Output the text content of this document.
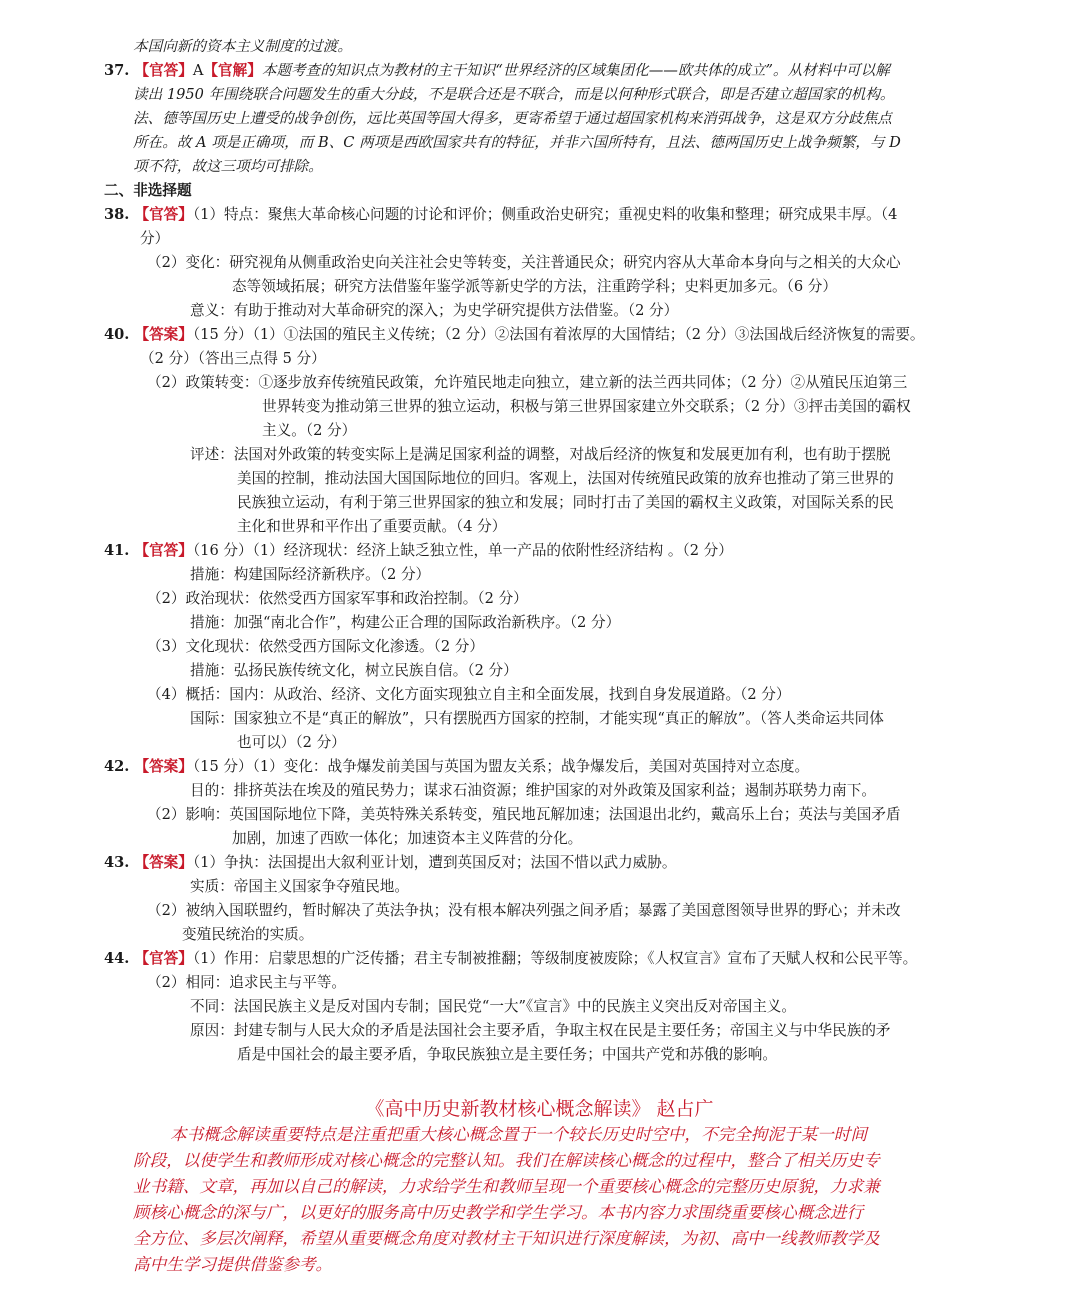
本国向新的资本主义制度的过渡。
37. 【官答】A【官解】本题考查的知识点为教材的主干知识“世界经济的区域集团化——欧共体的成立”。从材料中可以解
读出 1950 年围绕联合问题发生的重大分歧，不是联合还是不联合，而是以何种形式联合，即是否建立超国家的机构。
法、德等国历史上遭受的战争创伤，远比英国等国大得多，更寄希望于通过超国家机构来消弭战争，这是双方分歧焦点
所在。故 A 项是正确项，而 B、C 两项是西欧国家共有的特征，并非六国所特有，且法、德两国历史上战争频繁，与 D
项不符，故这三项均可排除。
二、非选择题
38. 【官答】（1）特点：聚焦大革命核心问题的讨论和评价；侧重政治史研究；重视史料的收集和整理；研究成果丰厚。（4
分）
（2）变化：研究视角从侧重政治史向关注社会史等转变，关注普通民众；研究内容从大革命本身向与之相关的大众心
态等领域拓展；研究方法借鉴年鉴学派等新史学的方法，注重跨学科；史料更加多元。（6 分）
意义：有助于推动对大革命研究的深入；为史学研究提供方法借鉴。（2 分）
40. 【答案】（15 分）（1）①法国的殖民主义传统；（2 分）②法国有着浓厚的大国情结；（2 分）③法国战后经济恢复的需要。
（2 分）（答出三点得 5 分）
（2）政策转变：①逐步放弃传统殖民政策，允许殖民地走向独立，建立新的法兰西共同体；（2 分）②从殖民压迫第三
世界转变为推动第三世界的独立运动，积极与第三世界国家建立外交联系；（2 分）③抨击美国的霸权
主义。（2 分）
评述：法国对外政策的转变实际上是满足国家利益的调整，对战后经济的恢复和发展更加有利，也有助于摆脱
美国的控制，推动法国大国国际地位的回归。客观上，法国对传统殖民政策的放弃也推动了第三世界的
民族独立运动，有利于第三世界国家的独立和发展；同时打击了美国的霸权主义政策，对国际关系的民
主化和世界和平作出了重要贡献。（4 分）
41. 【官答】（16 分）（1）经济现状：经济上缺乏独立性，单一产品的依附性经济结构 。（2 分）
措施：构建国际经济新秩序。（2 分）
（2）政治现状：依然受西方国家军事和政治控制。（2 分）
措施：加强“南北合作”，构建公正合理的国际政治新秩序。（2 分）
（3）文化现状：依然受西方国际文化渗透。（2 分）
措施：弘扬民族传统文化，树立民族自信。（2 分）
（4）概括：国内：从政治、经济、文化方面实现独立自主和全面发展，找到自身发展道路。（2 分）
国际：国家独立不是“真正的解放”，只有摆脱西方国家的控制，才能实现“真正的解放”。（答人类命运共同体
也可以）（2 分）
42. 【答案】（15 分）（1）变化：战争爆发前美国与英国为盟友关系；战争爆发后，美国对英国持对立态度。
目的：排挤英法在埃及的殖民势力；谋求石油资源；维护国家的对外政策及国家利益；遏制苏联势力南下。
（2）影响：英国国际地位下降，美英特殊关系转变，殖民地瓦解加速；法国退出北约，戴高乐上台；英法与美国矛盾
加剧，加速了西欧一体化；加速资本主义阵营的分化。
43. 【答案】（1）争执：法国提出大叙利亚计划，遭到英国反对；法国不惜以武力威胁。
实质：帝国主义国家争夺殖民地。
（2）被纳入国联盟约，暂时解决了英法争执；没有根本解决列强之间矛盾；暴露了美国意图领导世界的野心；并未改
变殖民统治的实质。
44. 【官答】（1）作用：启蒙思想的广泛传播；君主专制被推翻；等级制度被废除；《人权宣言》宣布了天赋人权和公民平等。
（2）相同：追求民主与平等。
不同：法国民族主义是反对国内专制；国民党“一大”《宣言》中的民族主义突出反对帝国主义。
原因：封建专制与人民大众的矛盾是法国社会主要矛盾，争取主权在民是主要任务；帝国主义与中华民族的矛
盾是中国社会的最主要矛盾，争取民族独立是主要任务；中国共产党和苏俄的影响。
《高中历史新教材核心概念解读》 赵占广
本书概念解读重要特点是注重把重大核心概念置于一个较长历史时空中，不完全拘泥于某一时间
阶段，以使学生和教师形成对核心概念的完整认知。我们在解读核心概念的过程中，整合了相关历史专
业书籍、文章，再加以自己的解读，力求给学生和教师呈现一个重要核心概念的完整历史原貌，力求兼
顾核心概念的深与广，以更好的服务高中历史教学和学生学习。本书内容力求围绕重要核心概念进行
全方位、多层次阐释，希望从重要概念角度对教材主干知识进行深度解读，为初、高中一线教师教学及
高中生学习提供借鉴参考。
